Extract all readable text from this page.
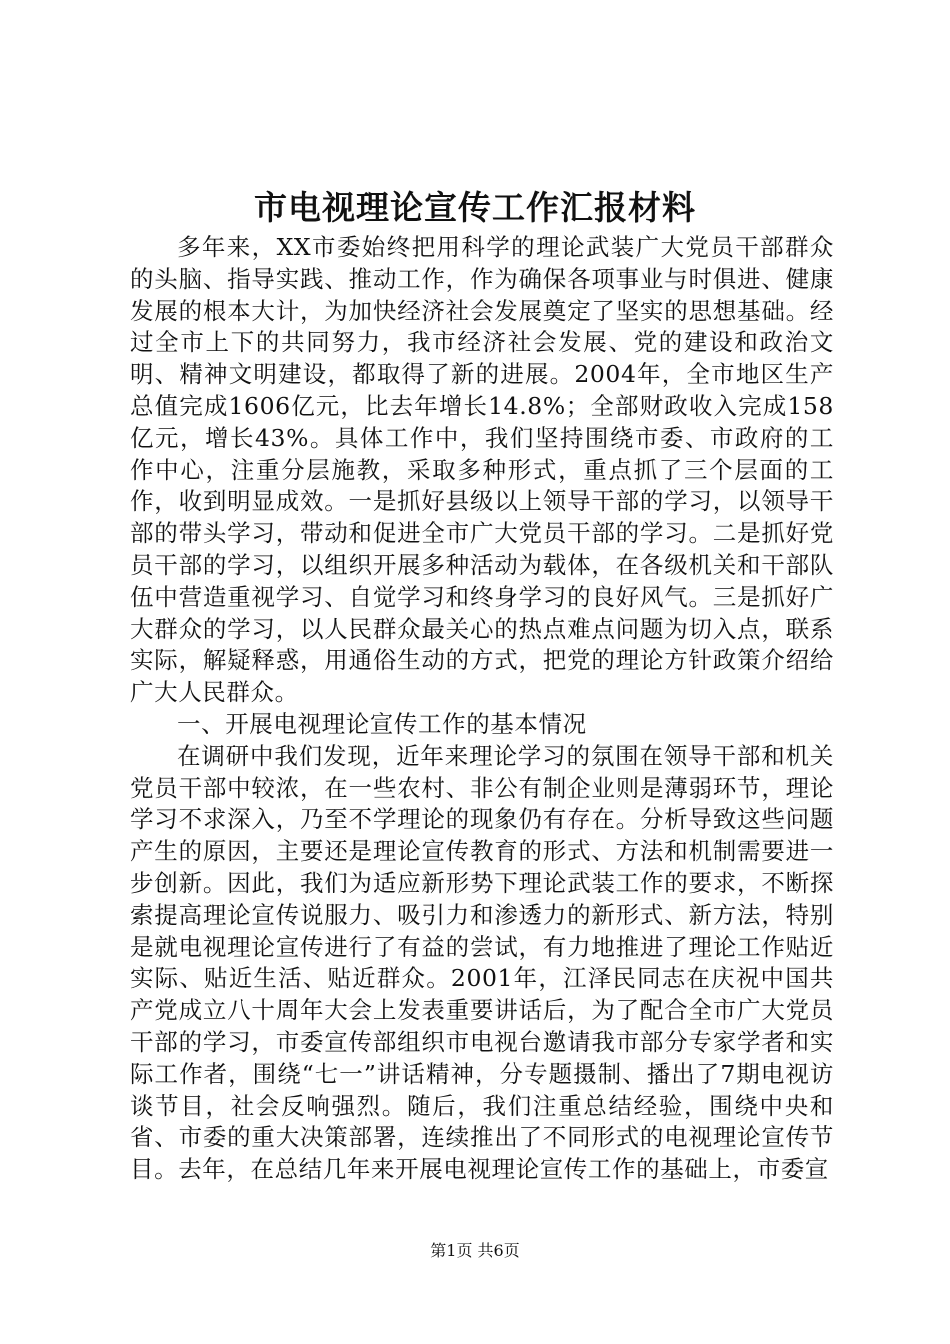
市电视理论宣传工作汇报材料

多年来，XX市委始终把用科学的理论武装广大党员干部群众的头脑、指导实践、推动工作，作为确保各项事业与时俱进、健康发展的根本大计，为加快经济社会发展奠定了坚实的思想基础。经过全市上下的共同努力，我市经济社会发展、党的建设和政治文明、精神文明建设，都取得了新的进展。2004年，全市地区生产总值完成1606亿元，比去年增长14.8%；全部财政收入完成158亿元，增长43%。具体工作中，我们坚持围绕市委、市政府的工作中心，注重分层施教，采取多种形式，重点抓了三个层面的工作，收到明显成效。一是抓好县级以上领导干部的学习，以领导干部的带头学习，带动和促进全市广大党员干部的学习。二是抓好党员干部的学习，以组织开展多种活动为载体，在各级机关和干部队伍中营造重视学习、自觉学习和终身学习的良好风气。三是抓好广大群众的学习，以人民群众最关心的热点难点问题为切入点，联系实际，解疑释惑，用通俗生动的方式，把党的理论方针政策介绍给广大人民群众。

一、开展电视理论宣传工作的基本情况

在调研中我们发现，近年来理论学习的氛围在领导干部和机关党员干部中较浓，在一些农村、非公有制企业则是薄弱环节，理论学习不求深入，乃至不学理论的现象仍有存在。分析导致这些问题产生的原因，主要还是理论宣传教育的形式、方法和机制需要进一步创新。因此，我们为适应新形势下理论武装工作的要求，不断探索提高理论宣传说服力、吸引力和渗透力的新形式、新方法，特别是就电视理论宣传进行了有益的尝试，有力地推进了理论工作贴近实际、贴近生活、贴近群众。2001年，江泽民同志在庆祝中国共产党成立八十周年大会上发表重要讲话后，为了配合全市广大党员干部的学习，市委宣传部组织市电视台邀请我市部分专家学者和实际工作者，围绕“七一”讲话精神，分专题摄制、播出了7期电视访谈节目，社会反响强烈。随后，我们注重总结经验，围绕中央和省、市委的重大决策部署，连续推出了不同形式的电视理论宣传节目。去年，在总结几年来开展电视理论宣传工作的基础上，市委宣

第1页 共6页
